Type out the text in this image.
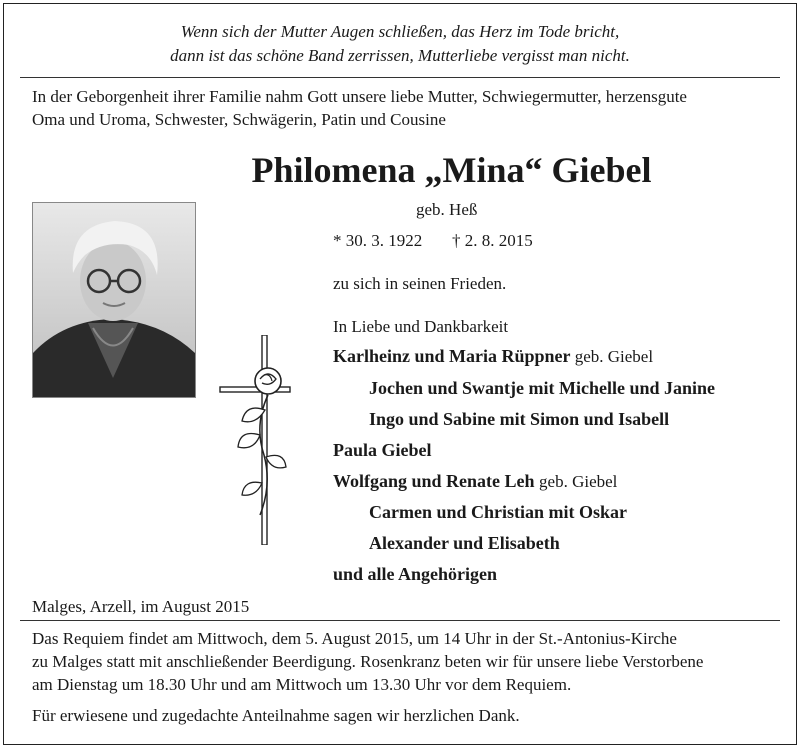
Wenn sich der Mutter Augen schließen, das Herz im Tode bricht,
dann ist das schöne Band zerrissen, Mutterliebe vergisst man nicht.
In der Geborgenheit ihrer Familie nahm Gott unsere liebe Mutter, Schwiegermutter, herzensgute
Oma und Uroma, Schwester, Schwägerin, Patin und Cousine
Philomena „Mina“ Giebel
geb. Heß
* 30. 3. 1922 † 2. 8. 2015
zu sich in seinen Frieden.
In Liebe und Dankbarkeit
Karlheinz und Maria Rüppner geb. Giebel
Jochen und Swantje mit Michelle und Janine
Ingo und Sabine mit Simon und Isabell
Paula Giebel
Wolfgang und Renate Leh geb. Giebel
Carmen und Christian mit Oskar
Alexander und Elisabeth
und alle Angehörigen
Malges, Arzell, im August 2015
Das Requiem findet am Mittwoch, dem 5. August 2015, um 14 Uhr in der St.-Antonius-Kirche
zu Malges statt mit anschließender Beerdigung. Rosenkranz beten wir für unsere liebe Verstorbene
am Dienstag um 18.30 Uhr und am Mittwoch um 13.30 Uhr vor dem Requiem.
Für erwiesene und zugedachte Anteilnahme sagen wir herzlichen Dank.
